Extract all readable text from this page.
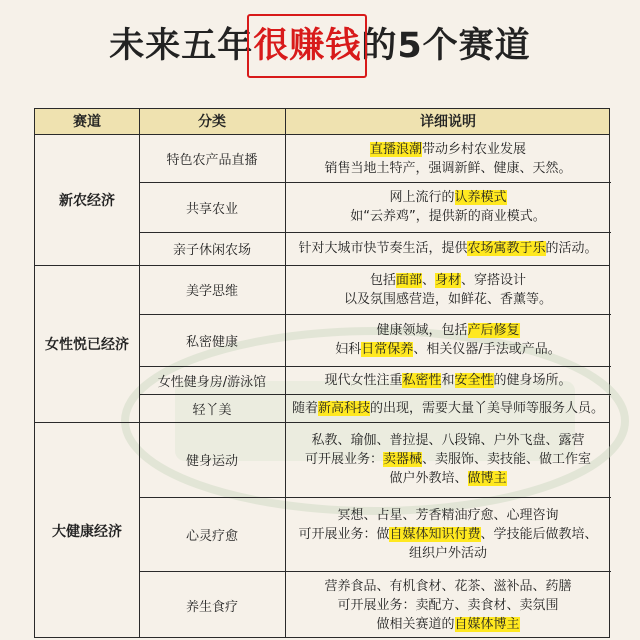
未来五年很赚钱的5个赛道
赛道	分类	详细说明
新农经济
女性悦已经济
大健康经济
特色农产品直播
共享农业
亲子休闲农场
美学思维
私密健康
女性健身房/游泳馆
轻丫美
健身运动
心灵疗愈
养生食疗
直播浪潮带动乡村农业发展
销售当地土特产，强调新鲜、健康、天然。
网上流行的认养模式
如“云养鸡”，提供新的商业模式。
针对大城市快节奏生活，提供农场寓教于乐的活动。
包括面部、身材、穿搭设计
以及氛围感营造，如鲜花、香薰等。
健康领域，包括产后修复
妇科日常保养、相关仪器/手法或产品。
现代女性注重私密性和安全性的健身场所。
随着新高科技的出现，需要大量丫美导师等服务人员。
私教、瑜伽、普拉提、八段锦、户外飞盘、露营
可开展业务：卖器械、卖服饰、卖技能、做工作室
做户外教培、做博主
冥想、占星、芳香精油疗愈、心理咨询
可开展业务：做自媒体知识付费、学技能后做教培、
组织户外活动
营养食品、有机食材、花茶、滋补品、药膳
可开展业务：卖配方、卖食材、卖氛围
做相关赛道的自媒体博主
